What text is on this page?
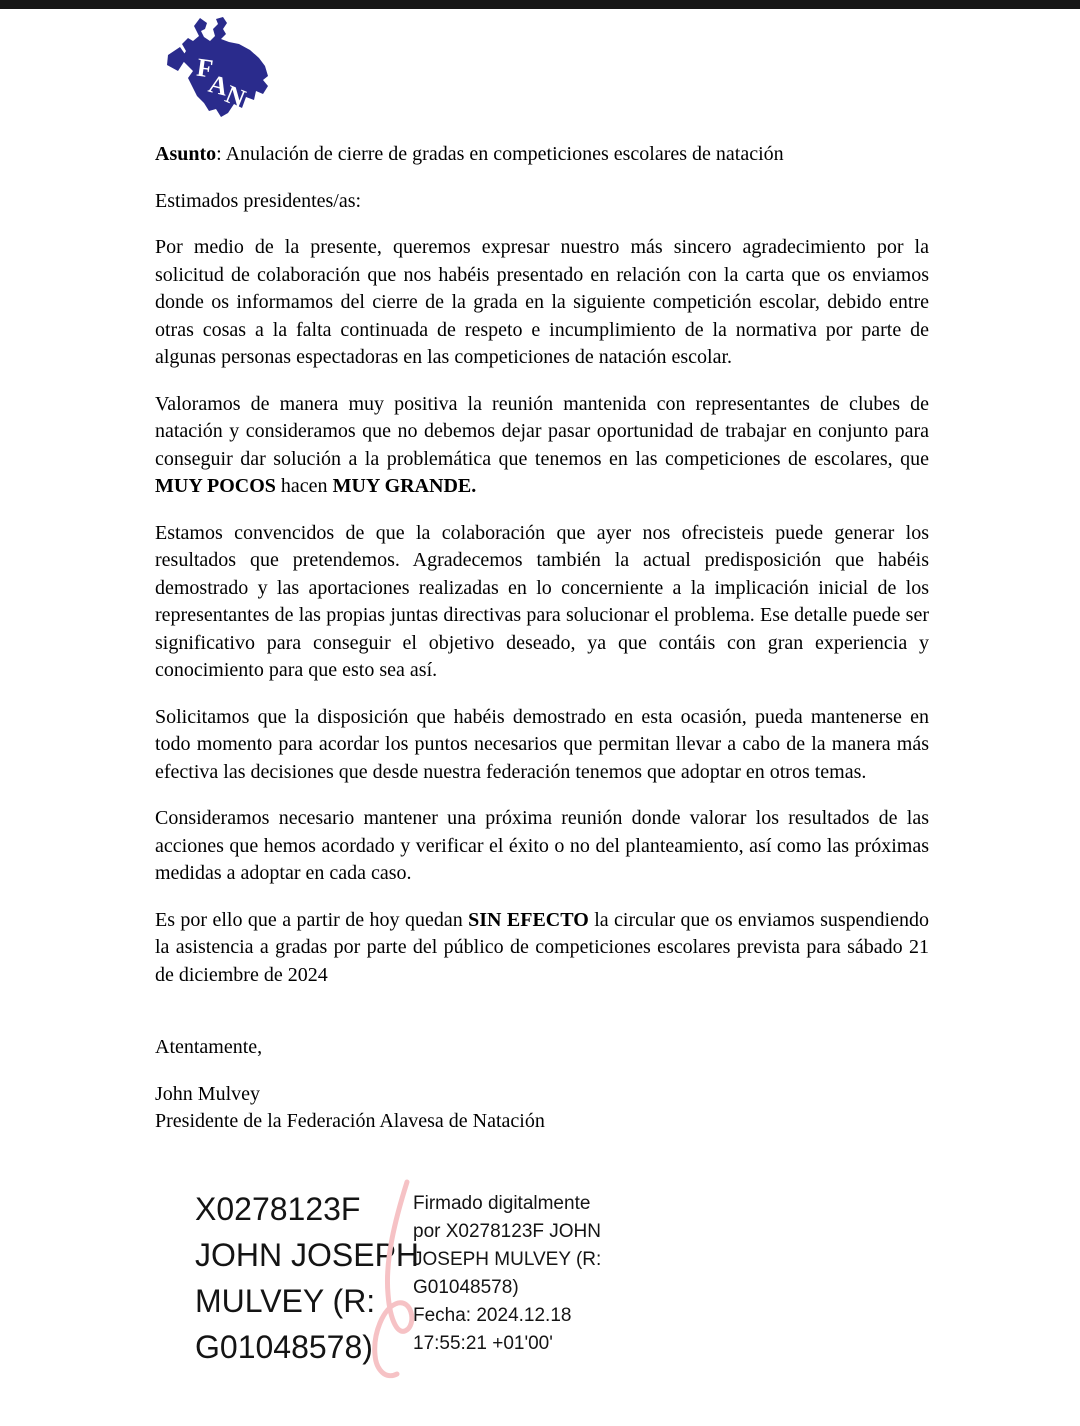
F
A
N

Asunto: Anulación de cierre de gradas en competiciones escolares de natación

Estimados presidentes/as:

Por medio de la presente, queremos expresar nuestro más sincero agradecimiento por la solicitud de colaboración que nos habéis presentado en relación con la carta que os enviamos donde os informamos del cierre de la grada en la siguiente competición escolar, debido entre otras cosas a la falta continuada de respeto e incumplimiento de la normativa por parte de algunas personas espectadoras en las competiciones de natación escolar.

Valoramos de manera muy positiva la reunión mantenida con representantes de clubes de natación y consideramos que no debemos dejar pasar oportunidad de trabajar en conjunto para conseguir dar solución a la problemática que tenemos en las competiciones de escolares, que MUY POCOS hacen MUY GRANDE.

Estamos convencidos de que la colaboración que ayer nos ofrecisteis puede generar los resultados que pretendemos. Agradecemos también la actual predisposición que habéis demostrado y las aportaciones realizadas en lo concerniente a la implicación inicial de los representantes de las propias juntas directivas para solucionar el problema. Ese detalle puede ser significativo para conseguir el objetivo deseado, ya que contáis con gran experiencia y conocimiento para que esto sea así.

Solicitamos que la disposición que habéis demostrado en esta ocasión, pueda mantenerse en todo momento para acordar los puntos necesarios que permitan llevar a cabo de la manera más efectiva las decisiones que desde nuestra federación tenemos que adoptar en otros temas.

Consideramos necesario mantener una próxima reunión donde valorar los resultados de las acciones que hemos acordado y verificar el éxito o no del planteamiento, así como las próximas medidas a adoptar en cada caso.

Es por ello que a partir de hoy quedan SIN EFECTO la circular que os enviamos suspendiendo la asistencia a gradas por parte del público de competiciones escolares prevista para sábado 21 de diciembre de 2024

Atentamente,

John Mulvey

Presidente de la Federación Alavesa de Natación

X0278123F
JOHN JOSEPH
MULVEY (R:
G01048578)
Firmado digitalmente
por X0278123F JOHN
JOSEPH MULVEY (R:
G01048578)
Fecha: 2024.12.18
17:55:21 +01'00'
